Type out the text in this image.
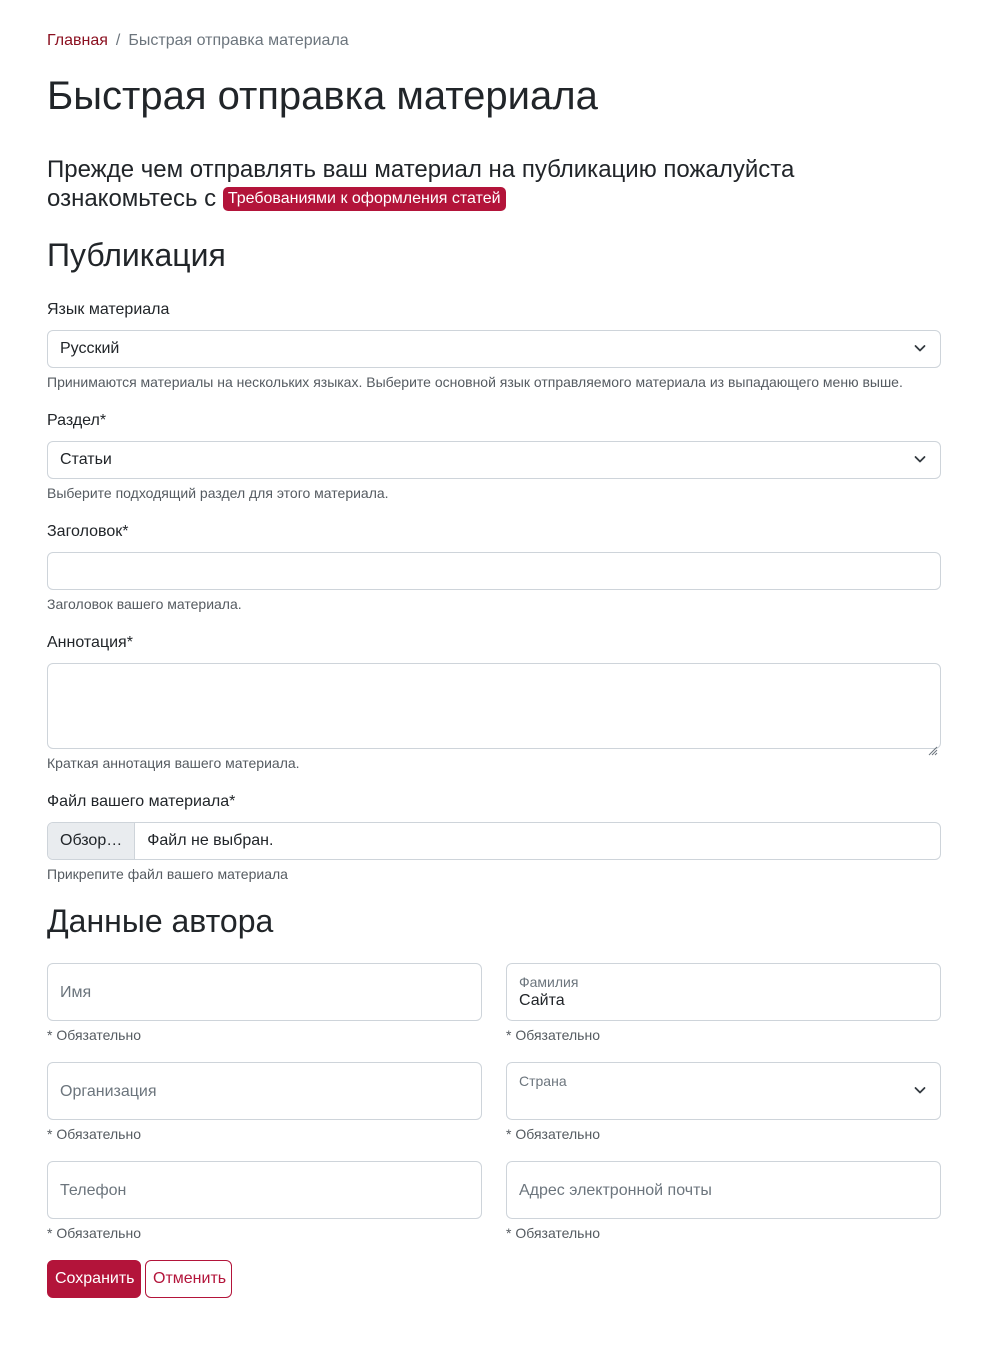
Главная / Быстрая отправка материала
Быстрая отправка материала

Прежде чем отправлять ваш материал на публикацию пожалуйста ознакомьтесь с Требованиями к оформления статей

Публикация
Язык материала
Русский
Принимаются материалы на нескольких языках. Выберите основной язык отправляемого материала из выпадающего меню выше.
Раздел*
Статьи
Выберите подходящий раздел для этого материала.
Заголовок*
Заголовок вашего материала.
Аннотация*
Краткая аннотация вашего материала.
Файл вашего материала*
Обзор…	Файл не выбран.
Прикрепите файл вашего материала
Данные автора
Имя
* Обязательно
Фамилия
Сайта
* Обязательно
Организация
* Обязательно
Страна
* Обязательно
Телефон
* Обязательно
Адрес электронной почты
* Обязательно
Сохранить	Отменить
